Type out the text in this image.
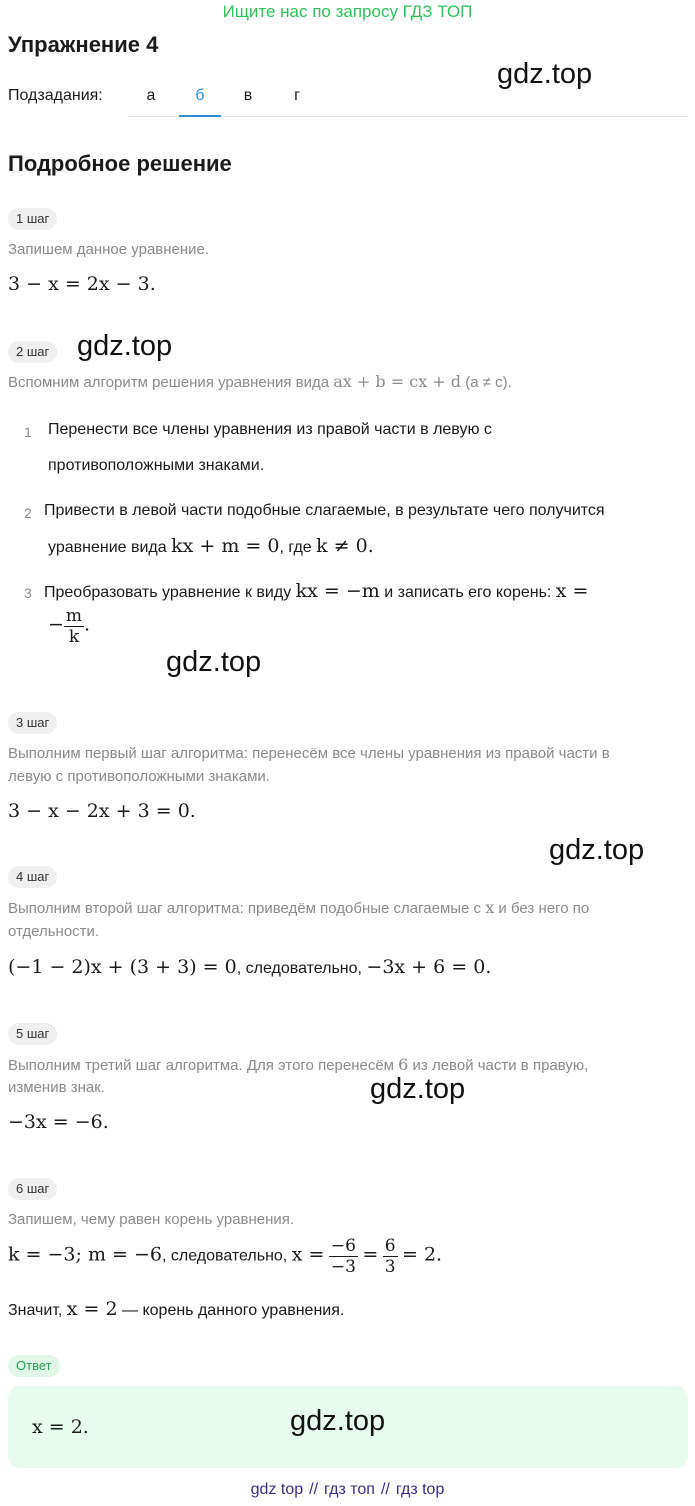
Ищите нас по запросу ГДЗ ТОП
Упражнение 4
gdz.top
Подзадания:	а	б	в	г
Подробное решение
1 шаг
Запишем данное уравнение.
3 − x = 2x − 3.
2 шаг gdz.top
Вспомним алгоритм решения уравнения вида ax + b = cx + d (a ≠ c).
1 Перенести все члены уравнения из правой части в левую с
противоположными знаками.
2 Привести в левой части подобные слагаемые, в результате чего получится
уравнение вида kx + m = 0, где k ≠ 0.
3 Преобразовать уравнение к виду kx = −m и записать его корень: x =
− $\frac{m}{k}$ .
gdz.top
3 шаг
Выполним первый шаг алгоритма: перенесём все члены уравнения из правой части в
левую с противоположными знаками.
3 − x − 2x + 3 = 0.
gdz.top
4 шаг
Выполним второй шаг алгоритма: приведём подобные слагаемые с x и без него по
отдельности.
(−1 − 2)x + (3 + 3) = 0, следовательно, −3x + 6 = 0.
5 шаг
Выполним третий шаг алгоритма. Для этого перенесём 6 из левой части в правую,
изменив знак.	gdz.top
−3x = −6.
6 шаг
Запишем, чему равен корень уравнения.
k = −3; m = −6, следовательно, $x = \frac{-6}{-3} = \frac{6}{3} = 2$.
Значит, x = 2 — корень данного уравнения.
Ответ
x = 2.	gdz.top
gdz top // гдз топ // гдз top
